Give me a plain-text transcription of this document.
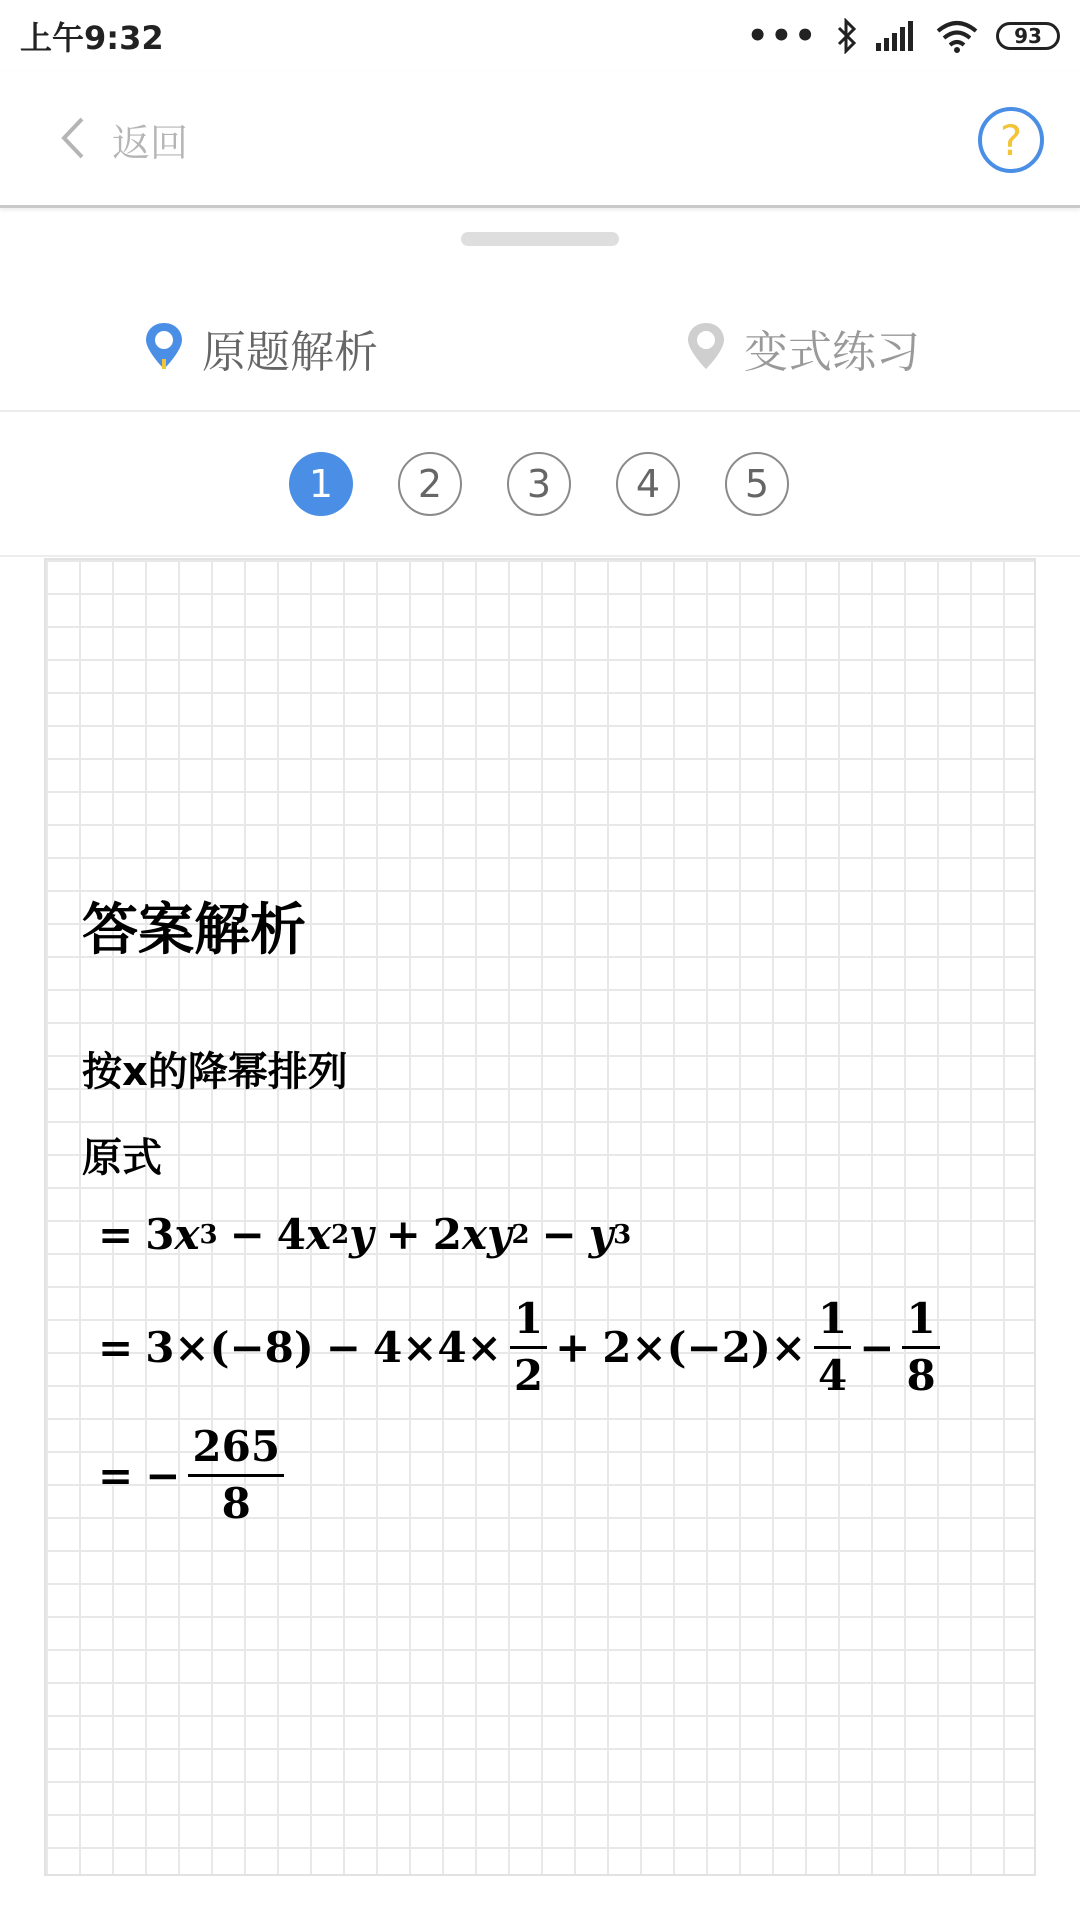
上午9:32	•••	93
返回	?
原题解析	变式练习
1	2	3	4	5
答案解析
按x的降幂排列
原式
= 3 x 3 − 4 x 2 y + 2 xy 2 − y 3
= $3\times(-8) - 4\times 4\times \frac{1}{2} + 2\times(-2)\times \frac{1}{4} - \frac{1}{8}$
= − $\frac{265}{8}$
